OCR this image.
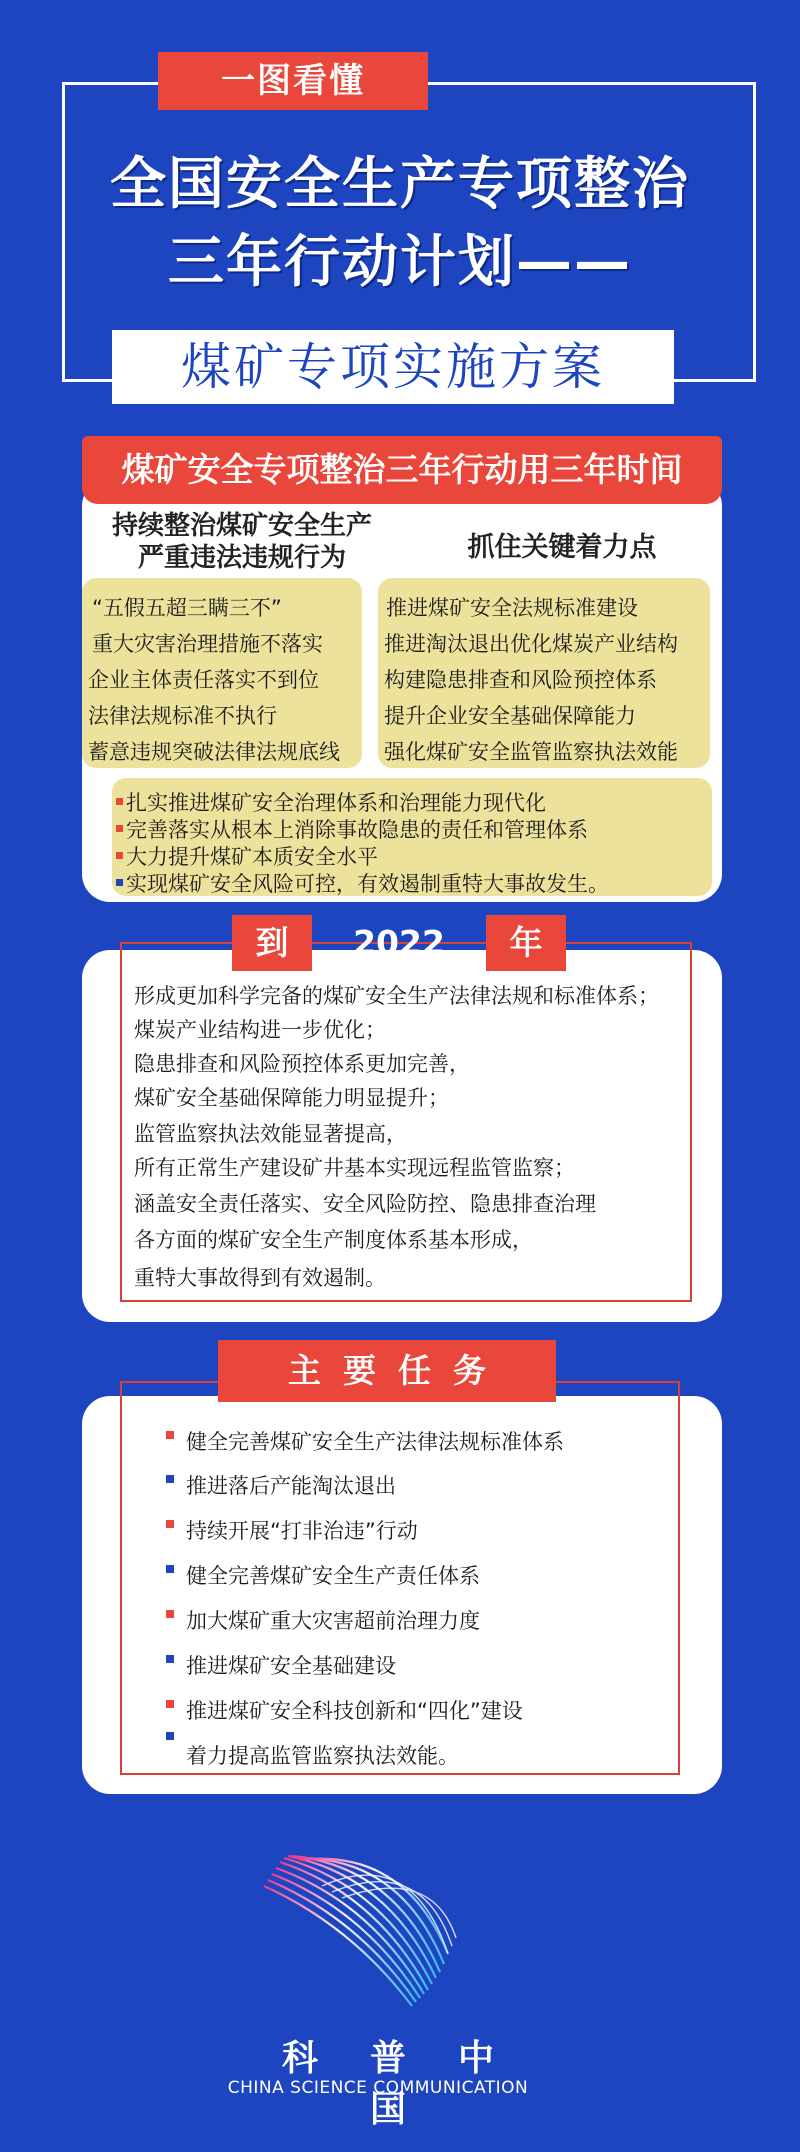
一图看懂
全国安全生产专项整治
三年行动计划——
煤矿专项实施方案
煤矿安全专项整治三年行动用三年时间
持续整治煤矿安全生产
严重违法违规行为	抓住关键着力点
“五假五超三瞒三不”
重大灾害治理措施不落实
企业主体责任落实不到位
法律法规标准不执行
蓄意违规突破法律法规底线
推进煤矿安全法规标准建设
推进淘汰退出优化煤炭产业结构
构建隐患排查和风险预控体系
提升企业安全基础保障能力
强化煤矿安全监管监察执法效能
扎实推进煤矿安全治理体系和治理能力现代化
完善落实从根本上消除事故隐患的责任和管理体系
大力提升煤矿本质安全水平
实现煤矿安全风险可控，有效遏制重特大事故发生。
到	2022	年
形成更加科学完备的煤矿安全生产法律法规和标准体系；
煤炭产业结构进一步优化；
隐患排查和风险预控体系更加完善，
煤矿安全基础保障能力明显提升；
监管监察执法效能显著提高，
所有正常生产建设矿井基本实现远程监管监察；
涵盖安全责任落实、安全风险防控、隐患排查治理
各方面的煤矿安全生产制度体系基本形成，
重特大事故得到有效遏制。
主要任务
健全完善煤矿安全生产法律法规标准体系
推进落后产能淘汰退出
持续开展“打非治违”行动
健全完善煤矿安全生产责任体系
加大煤矿重大灾害超前治理力度
推进煤矿安全基础建设
推进煤矿安全科技创新和“四化”建设
着力提高监管监察执法效能。
科普中国
CHINA SCIENCE COMMUNICATION
